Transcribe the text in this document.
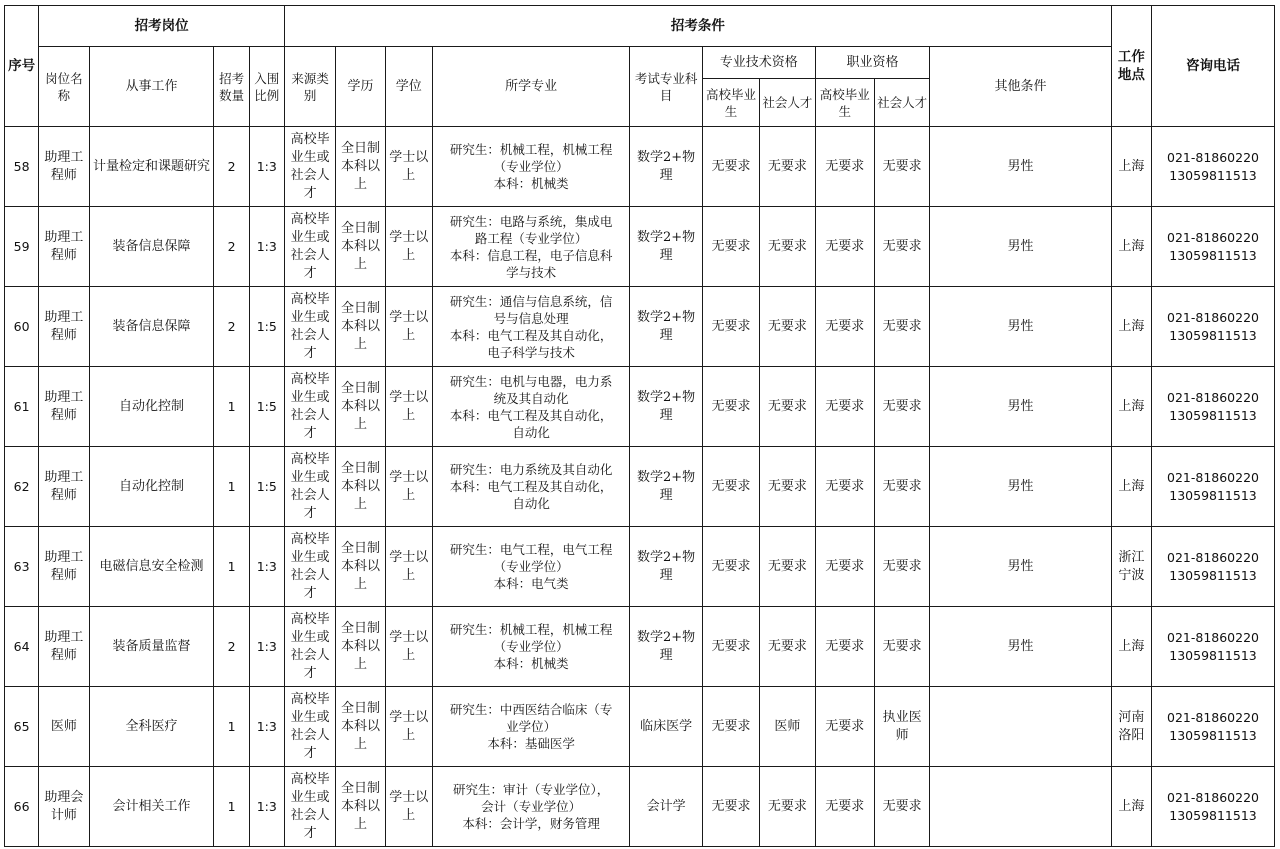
序号	招考岗位				招考条件										工作地点	咨询电话
	岗位名称	从事工作	招考数量	入围比例	来源类别	学历	学位	所学专业	考试专业科目	专业技术资格		职业资格		其他条件		
										高校毕业生	社会人才	高校毕业生	社会人才			
58	助理工程师	计量检定和课题研究	2	1:3	高校毕业生或社会人才	全日制本科以上	学士以上	研究生：机械工程，机械工程
（专业学位）
本科：机械类	数学2+物理	无要求	无要求	无要求	无要求	男性	上海	021-81860220
13059811513

59	助理工程师	装备信息保障	2	1:3	高校毕业生或社会人才	全日制本科以上	学士以上	研究生：电路与系统，集成电
路工程（专业学位）
本科：信息工程，电子信息科
学与技术	数学2+物理	无要求	无要求	无要求	无要求	男性	上海	021-81860220
13059811513

60	助理工程师	装备信息保障	2	1:5	高校毕业生或社会人才	全日制本科以上	学士以上	研究生：通信与信息系统，信
号与信息处理
本科：电气工程及其自动化，
电子科学与技术	数学2+物理	无要求	无要求	无要求	无要求	男性	上海	021-81860220
13059811513

61	助理工程师	自动化控制	1	1:5	高校毕业生或社会人才	全日制本科以上	学士以上	研究生：电机与电器，电力系
统及其自动化
本科：电气工程及其自动化，
自动化	数学2+物理	无要求	无要求	无要求	无要求	男性	上海	021-81860220
13059811513

62	助理工程师	自动化控制	1	1:5	高校毕业生或社会人才	全日制本科以上	学士以上	研究生：电力系统及其自动化
本科：电气工程及其自动化，
自动化	数学2+物理	无要求	无要求	无要求	无要求	男性	上海	021-81860220
13059811513

63	助理工程师	电磁信息安全检测	1	1:3	高校毕业生或社会人才	全日制本科以上	学士以上	研究生：电气工程，电气工程
（专业学位）
本科：电气类	数学2+物理	无要求	无要求	无要求	无要求	男性	浙江宁波	021-81860220
13059811513

64	助理工程师	装备质量监督	2	1:3	高校毕业生或社会人才	全日制本科以上	学士以上	研究生：机械工程，机械工程
（专业学位）
本科：机械类	数学2+物理	无要求	无要求	无要求	无要求	男性	上海	021-81860220
13059811513

65	医师	全科医疗	1	1:3	高校毕业生或社会人才	全日制本科以上	学士以上	研究生：中西医结合临床（专
业学位）
本科：基础医学	临床医学	无要求	医师	无要求	执业医师		河南洛阳	021-81860220
13059811513

66	助理会计师	会计相关工作	1	1:3	高校毕业生或社会人才	全日制本科以上	学士以上	研究生：审计（专业学位），
会计（专业学位）
本科：会计学，财务管理	会计学	无要求	无要求	无要求	无要求		上海	021-81860220
13059811513
